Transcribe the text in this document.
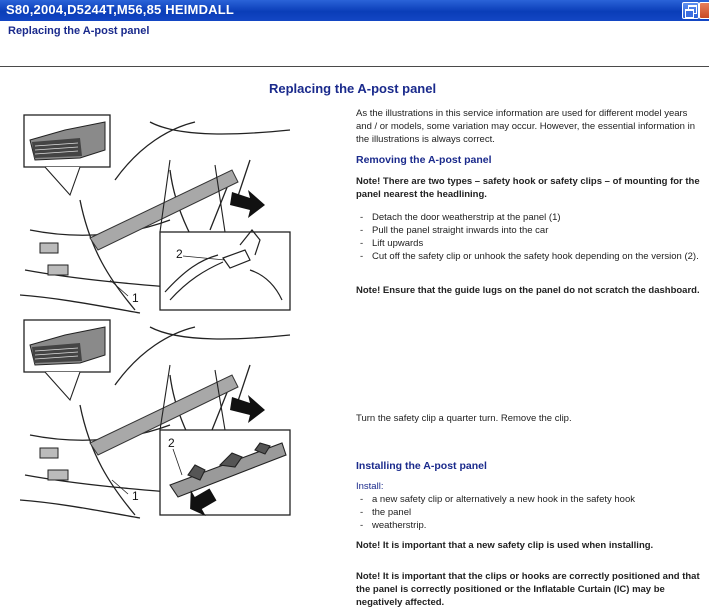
S80,2004,D5244T,M56,85 HEIMDALL
Replacing the A-post panel
Replacing the A-post panel
As the illustrations in this service information are used for different model years and / or models, some variation may occur. However, the essential information in the illustrations is always correct.
Removing the A-post panel
Note! There are two types – safety hook or safety clips – of mounting for the panel nearest the headlining.
- Detach the door weatherstrip at the panel (1)
- Pull the panel straight inwards into the car
- Lift upwards
- Cut off the safety clip or unhook the safety hook depending on the version (2).
Note! Ensure that the guide lugs on the panel do not scratch the dashboard.
Turn the safety clip a quarter turn. Remove the clip.
Installing the A-post panel
Install:
- a new safety clip or alternatively a new hook in the safety hook
- the panel
- weatherstrip.
Note! It is important that a new safety clip is used when installing.
Note! It is important that the clips or hooks are correctly positioned and that the panel is correctly positioned or the Inflatable Curtain (IC) may be negatively affected.
2
1
2
1
